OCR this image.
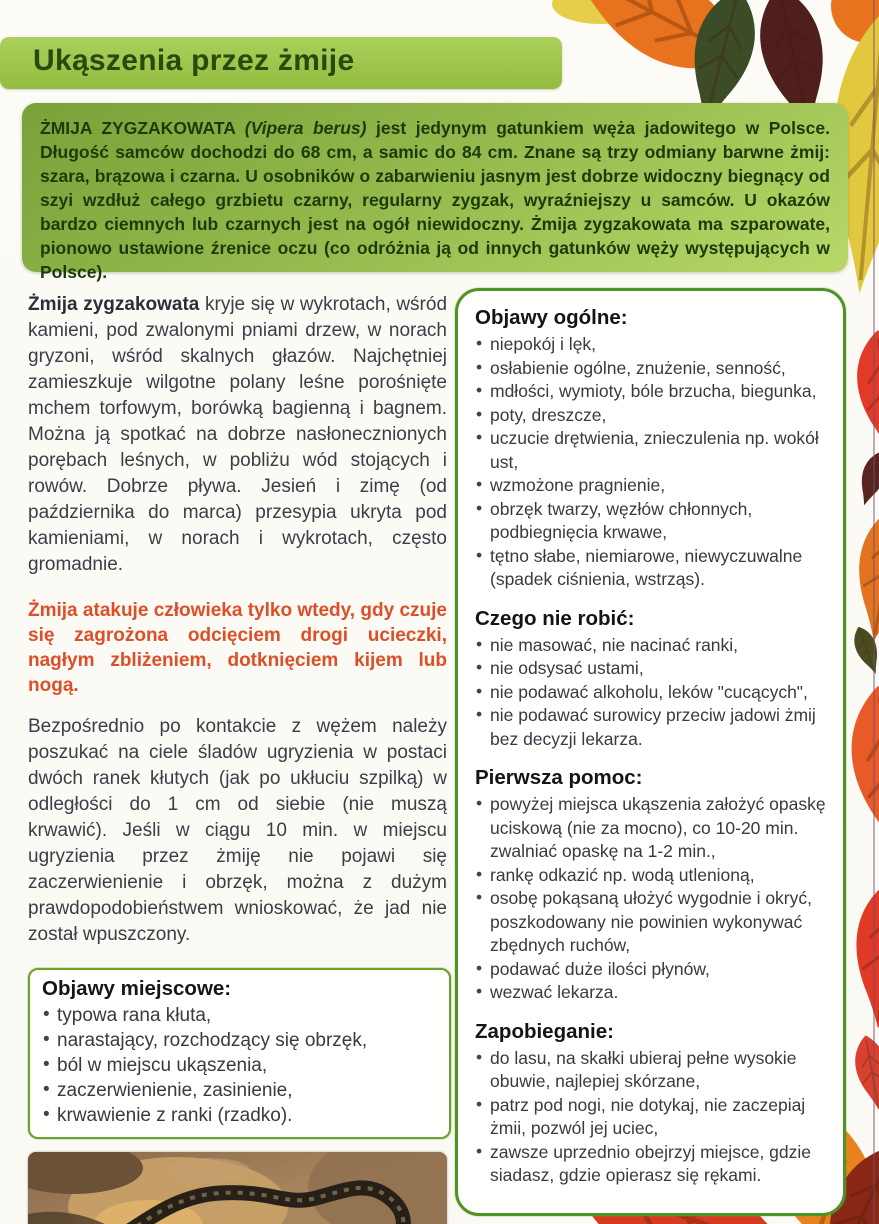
Ukąszenia przez żmije

ŻMIJA ZYGZAKOWATA (Vipera berus) jest jedynym gatunkiem węża jadowitego w Polsce. Długość samców dochodzi do 68 cm, a samic do 84 cm. Znane są trzy odmiany barwne żmij: szara, brązowa i czarna. U osobników o zabarwieniu jasnym jest dobrze widoczny biegnący od szyi wzdłuż całego grzbietu czarny, regularny zygzak, wyraźniejszy u samców. U okazów bardzo ciemnych lub czarnych jest na ogół niewidoczny. Żmija zygzakowata ma szparowate, pionowo ustawione źrenice oczu (co odróżnia ją od innych gatunków węży występujących w Polsce).

Żmija zygzakowata kryje się w wykrotach, wśród kamieni, pod zwalonymi pniami drzew, w norach gryzoni, wśród skalnych głazów. Najchętniej zamieszkuje wilgotne polany leśne porośnięte mchem torfowym, borówką bagienną i bagnem. Można ją spotkać na dobrze nasłonecznionych porębach leśnych, w pobliżu wód stojących i rowów. Dobrze pływa. Jesień i zimę (od października do marca) przesypia ukryta pod kamieniami, w norach i wykrotach, często gromadnie.

Żmija atakuje człowieka tylko wtedy, gdy czuje się zagrożona odcięciem drogi ucieczki, nagłym zbliżeniem, dotknięciem kijem lub nogą.

Bezpośrednio po kontakcie z wężem należy poszukać na ciele śladów ugryzienia w postaci dwóch ranek kłutych (jak po ukłuciu szpilką) w odległości do 1 cm od siebie (nie muszą krwawić). Jeśli w ciągu 10 min. w miejscu ugryzienia przez żmiję nie pojawi się zaczerwienienie i obrzęk, można z dużym prawdopodobieństwem wnioskować, że jad nie został wpuszczony.

Objawy miejscowe:
• typowa rana kłuta,
• narastający, rozchodzący się obrzęk,
• ból w miejscu ukąszenia,
• zaczerwienienie, zasinienie,
• krwawienie z ranki (rzadko).
Objawy ogólne:
• niepokój i lęk,
• osłabienie ogólne, znużenie, senność,
• mdłości, wymioty, bóle brzucha, biegunka,
• poty, dreszcze,
• uczucie drętwienia, znieczulenia np. wokół ust,
• wzmożone pragnienie,
• obrzęk twarzy, węzłów chłonnych, podbiegnięcia krwawe,
• tętno słabe, niemiarowe, niewyczuwalne (spadek ciśnienia, wstrząs).
Czego nie robić:
• nie masować, nie nacinać ranki,
• nie odsysać ustami,
• nie podawać alkoholu, leków "cucących",
• nie podawać surowicy przeciw jadowi żmij bez decyzji lekarza.
Pierwsza pomoc:
• powyżej miejsca ukąszenia założyć opaskę uciskową (nie za mocno), co 10-20 min. zwalniać opaskę na 1-2 min.,
• rankę odkazić np. wodą utlenioną,
• osobę pokąsaną ułożyć wygodnie i okryć, poszkodowany nie powinien wykonywać zbędnych ruchów,
• podawać duże ilości płynów,
• wezwać lekarza.
Zapobieganie:
• do lasu, na skałki ubieraj pełne wysokie obuwie, najlepiej skórzane,
• patrz pod nogi, nie dotykaj, nie zaczepiaj żmii, pozwól jej uciec,
• zawsze uprzednio obejrzyj miejsce, gdzie siadasz, gdzie opierasz się rękami.
